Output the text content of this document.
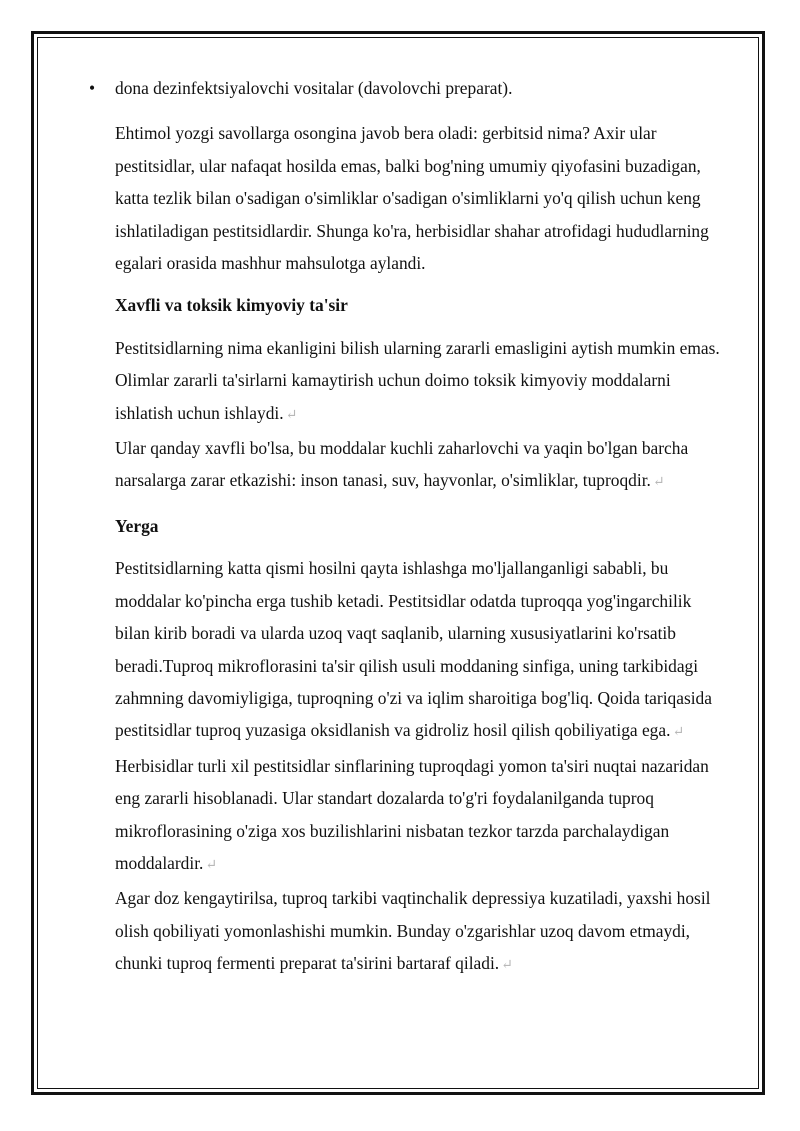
• dona dezinfektsiyalovchi vositalar (davolovchi preparat).

Ehtimol yozgi savollarga osongina javob bera oladi: gerbitsid nima? Axir ular pestitsidlar, ular nafaqat hosilda emas, balki bog'ning umumiy qiyofasini buzadigan, katta tezlik bilan o'sadigan o'simliklar o'sadigan o'simliklarni yo'q qilish uchun keng ishlatiladigan pestitsidlardir. Shunga ko'ra, herbisidlar shahar atrofidagi hududlarning egalari orasida mashhur mahsulotga aylandi.

Xavfli va toksik kimyoviy ta'sir

Pestitsidlarning nima ekanligini bilish ularning zararli emasligini aytish mumkin emas. Olimlar zararli ta'sirlarni kamaytirish uchun doimo toksik kimyoviy moddalarni ishlatish uchun ishlaydi. ↵

Ular qanday xavfli bo'lsa, bu moddalar kuchli zaharlovchi va yaqin bo'lgan barcha narsalarga zarar etkazishi: inson tanasi, suv, hayvonlar, o'simliklar, tuproqdir. ↵

Yerga

Pestitsidlarning katta qismi hosilni qayta ishlashga mo'ljallanganligi sababli, bu moddalar ko'pincha erga tushib ketadi. Pestitsidlar odatda tuproqqa yog'ingarchilik bilan kirib boradi va ularda uzoq vaqt saqlanib, ularning xususiyatlarini ko'rsatib beradi.Tuproq mikroflorasini ta'sir qilish usuli moddaning sinfiga, uning tarkibidagi zahmning davomiyligiga, tuproqning o'zi va iqlim sharoitiga bog'liq. Qoida tariqasida pestitsidlar tuproq yuzasiga oksidlanish va gidroliz hosil qilish qobiliyatiga ega. ↵

Herbisidlar turli xil pestitsidlar sinflarining tuproqdagi yomon ta'siri nuqtai nazaridan eng zararli hisoblanadi. Ular standart dozalarda to'g'ri foydalanilganda tuproq mikroflorasining o'ziga xos buzilishlarini nisbatan tezkor tarzda parchalaydigan moddalardir. ↵

Agar doz kengaytirilsa, tuproq tarkibi vaqtinchalik depressiya kuzatiladi, yaxshi hosil olish qobiliyati yomonlashishi mumkin. Bunday o'zgarishlar uzoq davom etmaydi, chunki tuproq fermenti preparat ta'sirini bartaraf qiladi. ↵
